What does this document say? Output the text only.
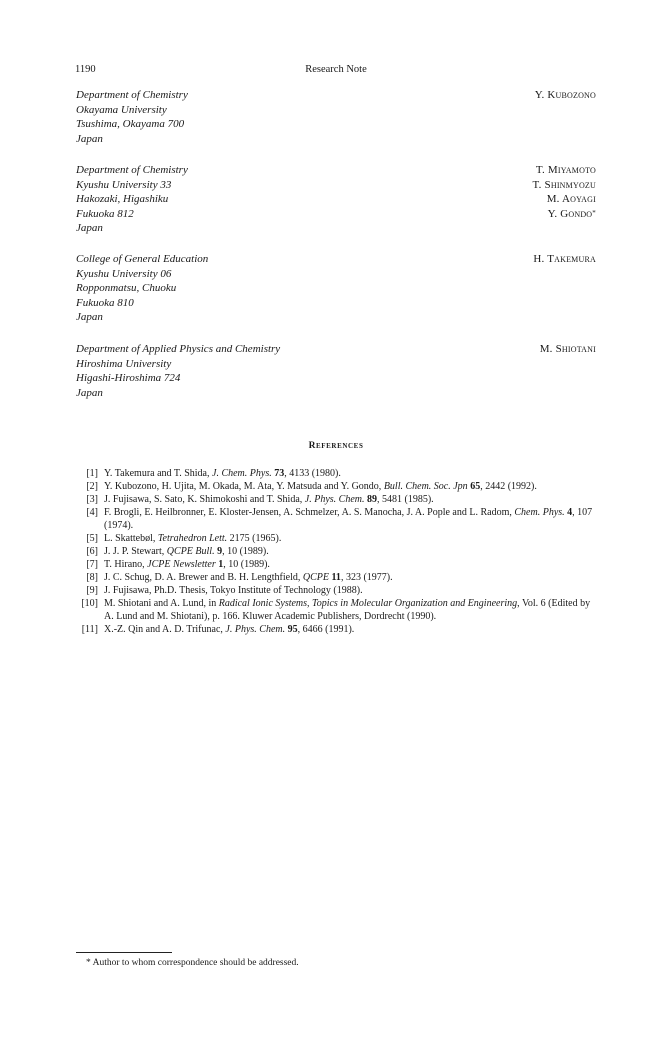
1190	Research Note
Department of Chemistry
Okayama University
Tsushima, Okayama 700
Japan
Y. Kubozono
Department of Chemistry
Kyushu University 33
Hakozaki, Higashiku
Fukuoka 812
Japan
T. Miyamoto
T. Shinmyozu
M. Aoyagi
Y. Gondo*
College of General Education
Kyushu University 06
Ropponmatsu, Chuoku
Fukuoka 810
Japan
H. Takemura
Department of Applied Physics and Chemistry
Hiroshima University
Higashi-Hiroshima 724
Japan
M. Shiotani
References
[1] Y. Takemura and T. Shida, J. Chem. Phys. 73, 4133 (1980).
[2] Y. Kubozono, H. Ujita, M. Okada, M. Ata, Y. Matsuda and Y. Gondo, Bull. Chem. Soc. Jpn 65, 2442 (1992).
[3] J. Fujisawa, S. Sato, K. Shimokoshi and T. Shida, J. Phys. Chem. 89, 5481 (1985).
[4] F. Brogli, E. Heilbronner, E. Kloster-Jensen, A. Schmelzer, A. S. Manocha, J. A. Pople and L. Radom, Chem. Phys. 4, 107 (1974).
[5] L. Skattebøl, Tetrahedron Lett. 2175 (1965).
[6] J. J. P. Stewart, QCPE Bull. 9, 10 (1989).
[7] T. Hirano, JCPE Newsletter 1, 10 (1989).
[8] J. C. Schug, D. A. Brewer and B. H. Lengthfield, QCPE 11, 323 (1977).
[9] J. Fujisawa, Ph.D. Thesis, Tokyo Institute of Technology (1988).
[10] M. Shiotani and A. Lund, in Radical Ionic Systems, Topics in Molecular Organization and Engineering, Vol. 6 (Edited by A. Lund and M. Shiotani), p. 166. Kluwer Academic Publishers, Dordrecht (1990).
[11] X.-Z. Qin and A. D. Trifunac, J. Phys. Chem. 95, 6466 (1991).
* Author to whom correspondence should be addressed.
